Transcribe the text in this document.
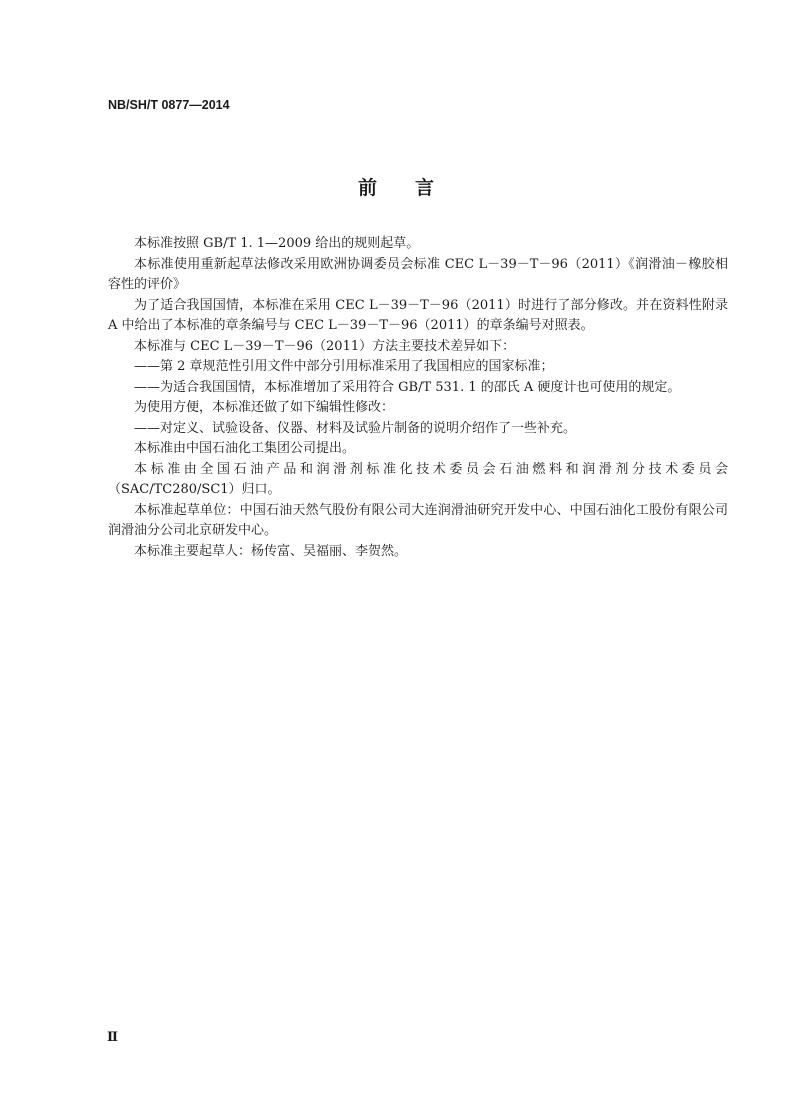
NB/SH/T 0877—2014
前言

本标准按照 GB/T 1. 1—2009 给出的规则起草。

本标准使用重新起草法修改采用欧洲协调委员会标准 CEC L－39－T－96（2011）《润滑油－橡胶相容性的评价》

为了适合我国国情，本标准在采用 CEC L－39－T－96（2011）时进行了部分修改。并在资料性附录 A 中给出了本标准的章条编号与 CEC L－39－T－96（2011）的章条编号对照表。

本标准与 CEC L－39－T－96（2011）方法主要技术差异如下：

——第 2 章规范性引用文件中部分引用标准采用了我国相应的国家标准；

——为适合我国国情，本标准增加了采用符合 GB/T 531. 1 的邵氏 A 硬度计也可使用的规定。

为使用方便，本标准还做了如下编辑性修改：

——对定义、试验设备、仪器、材料及试验片制备的说明介绍作了一些补充。

本标准由中国石油化工集团公司提出。

本标准由全国石油产品和润滑剂标准化技术委员会石油燃料和润滑剂分技术委员会（SAC/TC280/SC1）归口。

本标准起草单位：中国石油天然气股份有限公司大连润滑油研究开发中心、中国石油化工股份有限公司润滑油分公司北京研发中心。

本标准主要起草人：杨传富、吴福丽、李贺然。

Ⅱ
